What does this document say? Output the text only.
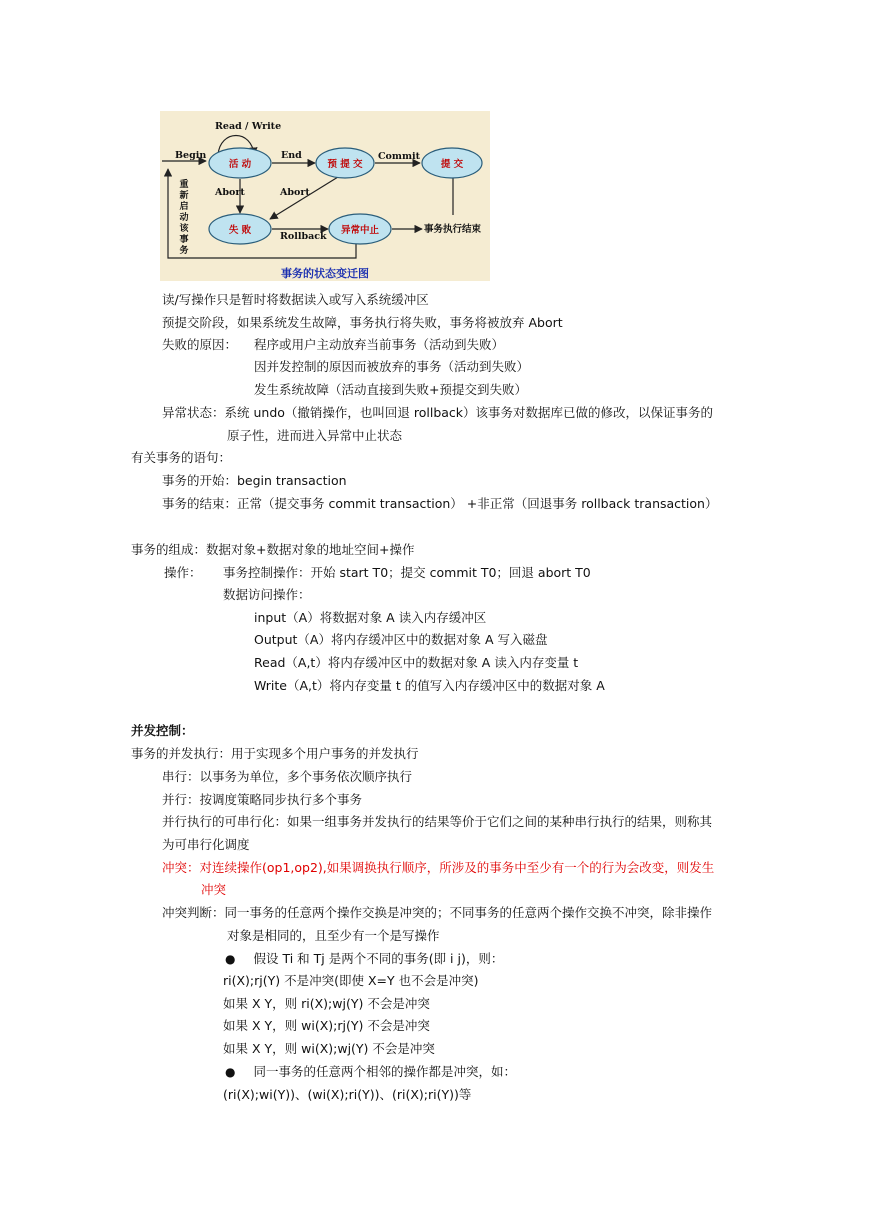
Read / Write
Begin	End	Commit
Abort	Abort
Rollback
事务执行结束
活 动	预 提 交	提 交
失 败	异常中止
重
新
启
动
该
事
务
事务的状态变迁图
读/写操作只是暂时将数据读入或写入系统缓冲区
预提交阶段，如果系统发生故障，事务执行将失败，事务将被放弃 Abort
失败的原因： 程序或用户主动放弃当前事务（活动到失败）
因并发控制的原因而被放弃的事务（活动到失败）
发生系统故障（活动直接到失败+预提交到失败）
异常状态：系统 undo（撤销操作，也叫回退 rollback）该事务对数据库已做的修改，以保证事务的
原子性，进而进入异常中止状态
有关事务的语句：
事务的开始：begin transaction
事务的结束：正常（提交事务 commit transaction） +非正常（回退事务 rollback transaction）
事务的组成：数据对象+数据对象的地址空间+操作
操作： 事务控制操作：开始 start T0；提交 commit T0；回退 abort T0
数据访问操作：
input（A）将数据对象 A 读入内存缓冲区
Output（A）将内存缓冲区中的数据对象 A 写入磁盘
Read（A,t）将内存缓冲区中的数据对象 A 读入内存变量 t
Write（A,t）将内存变量 t 的值写入内存缓冲区中的数据对象 A
并发控制：
事务的并发执行：用于实现多个用户事务的并发执行
串行：以事务为单位，多个事务依次顺序执行
并行：按调度策略同步执行多个事务
并行执行的可串行化：如果一组事务并发执行的结果等价于它们之间的某种串行执行的结果，则称其
为可串行化调度
冲突：对连续操作(op1,op2),如果调换执行顺序，所涉及的事务中至少有一个的行为会改变，则发生
冲突
冲突判断：同一事务的任意两个操作交换是冲突的；不同事务的任意两个操作交换不冲突，除非操作
对象是相同的，且至少有一个是写操作
● 假设 Ti 和 Tj 是两个不同的事务(即 i j)，则：
ri(X);rj(Y) 不是冲突(即使 X=Y 也不会是冲突)
如果 X Y，则 ri(X);wj(Y) 不会是冲突
如果 X Y，则 wi(X);rj(Y) 不会是冲突
如果 X Y，则 wi(X);wj(Y) 不会是冲突
● 同一事务的任意两个相邻的操作都是冲突，如：
(ri(X);wi(Y))、(wi(X);ri(Y))、(ri(X);ri(Y))等
